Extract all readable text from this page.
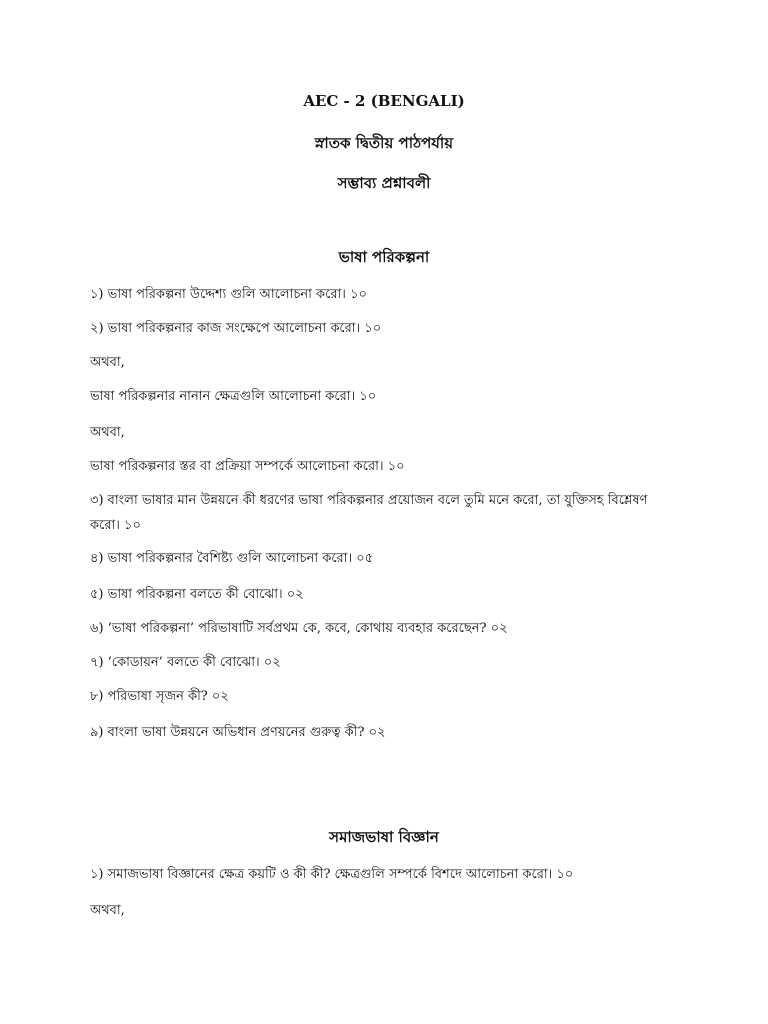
AEC - 2 (BENGALI)
স্নাতক দ্বিতীয় পাঠপর্যায়
সম্ভাব্য প্রশ্নাবলী
ভাষা পরিকল্পনা
১) ভাষা পরিকল্পনা উদ্দেশ্য গুলি আলোচনা করো। ১০
২) ভাষা পরিকল্পনার কাজ সংক্ষেপে আলোচনা করো। ১০
অথবা,
ভাষা পরিকল্পনার নানান ক্ষেত্রগুলি আলোচনা করো। ১০
অথবা,
ভাষা পরিকল্পনার স্তর বা প্রক্রিয়া সম্পর্কে আলোচনা করো। ১০
৩) বাংলা ভাষার মান উন্নয়নে কী ধরণের ভাষা পরিকল্পনার প্রয়োজন বলে তুমি মনে করো, তা যুক্তিসহ বিশ্লেষণ করো। ১০
৪) ভাষা পরিকল্পনার বৈশিষ্ট্য গুলি আলোচনা করো। ০৫
৫) ভাষা পরিকল্পনা বলতে কী বোঝো। ০২
৬) ‘ভাষা পরিকল্পনা’ পরিভাষাটি সর্বপ্রথম কে, কবে, কোথায় ব্যবহার করেছেন? ০২
৭) ‘কোডায়ন’ বলতে কী বোঝো। ০২
৮) পরিভাষা সৃজন কী? ০২
৯) বাংলা ভাষা উন্নয়নে অভিধান প্রণয়নের গুরুত্ব কী? ০২
সমাজভাষা বিজ্ঞান
১) সমাজভাষা বিজ্ঞানের ক্ষেত্র কয়টি ও কী কী? ক্ষেত্রগুলি সম্পর্কে বিশদে আলোচনা করো। ১০
অথবা,
